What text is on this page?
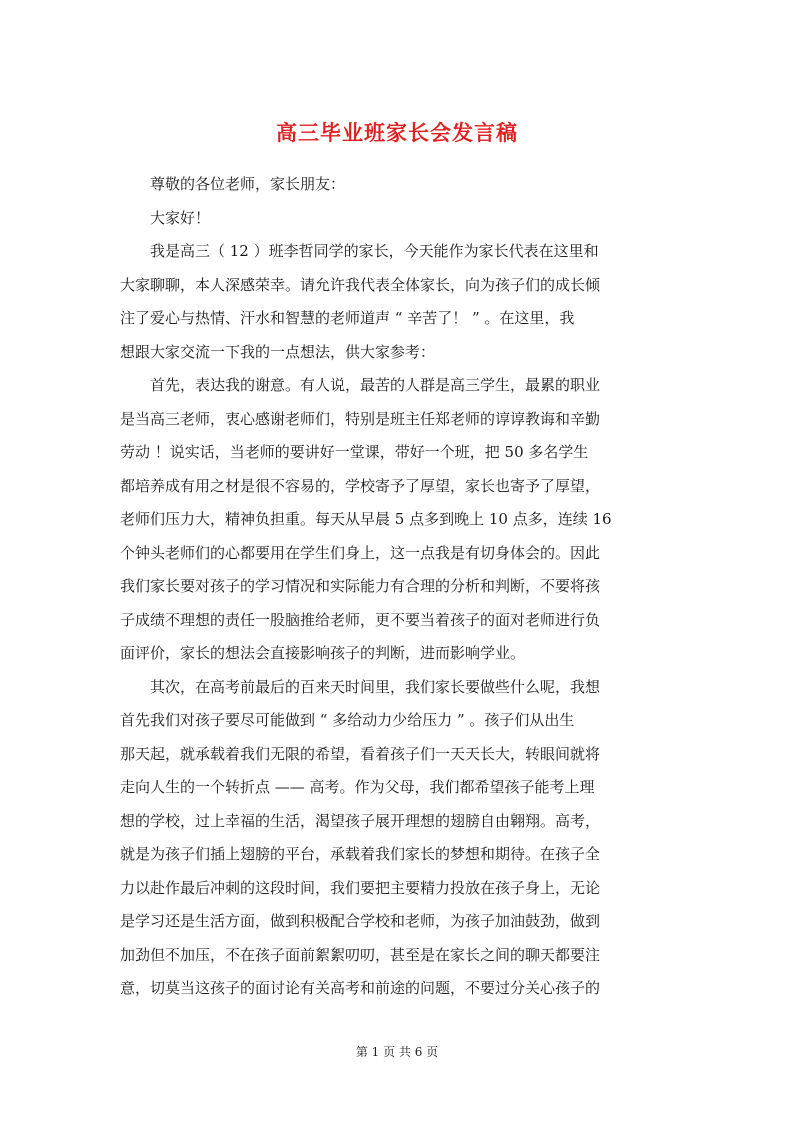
高三毕业班家长会发言稿
　　尊敬的各位老师，家长朋友：
　　大家好！
　　我是高三（ 12 ）班李哲同学的家长，今天能作为家长代表在这里和
大家聊聊，本人深感荣幸。请允许我代表全体家长，向为孩子们的成长倾
注了爱心与热情、汗水和智慧的老师道声 “ 辛苦了！ ” 。在这里，我
想跟大家交流一下我的一点想法，供大家参考：
　　首先，表达我的谢意。有人说，最苦的人群是高三学生，最累的职业
是当高三老师，衷心感谢老师们，特别是班主任郑老师的谆谆教诲和辛勤
劳动 ！说实话，当老师的要讲好一堂课，带好一个班，把 50 多名学生
都培养成有用之材是很不容易的，学校寄予了厚望，家长也寄予了厚望，
老师们压力大，精神负担重。每天从早晨 5 点多到晚上 10 点多，连续 16
个钟头老师们的心都要用在学生们身上，这一点我是有切身体会的。因此
我们家长要对孩子的学习情况和实际能力有合理的分析和判断，不要将孩
子成绩不理想的责任一股脑推给老师，更不要当着孩子的面对老师进行负
面评价，家长的想法会直接影响孩子的判断，进而影响学业。
　　其次，在高考前最后的百来天时间里，我们家长要做些什么呢，我想
首先我们对孩子要尽可能做到 “ 多给动力少给压力 ” 。孩子们从出生
那天起，就承载着我们无限的希望，看着孩子们一天天长大，转眼间就将
走向人生的一个转折点 —— 高考。作为父母，我们都希望孩子能考上理
想的学校，过上幸福的生活，渴望孩子展开理想的翅膀自由翱翔。高考，
就是为孩子们插上翅膀的平台，承载着我们家长的梦想和期待。在孩子全
力以赴作最后冲刺的这段时间，我们要把主要精力投放在孩子身上，无论
是学习还是生活方面，做到积极配合学校和老师，为孩子加油鼓劲，做到
加劲但不加压，不在孩子面前絮絮叨叨，甚至是在家长之间的聊天都要注
意，切莫当这孩子的面讨论有关高考和前途的问题，不要过分关心孩子的
第 1 页 共 6 页
